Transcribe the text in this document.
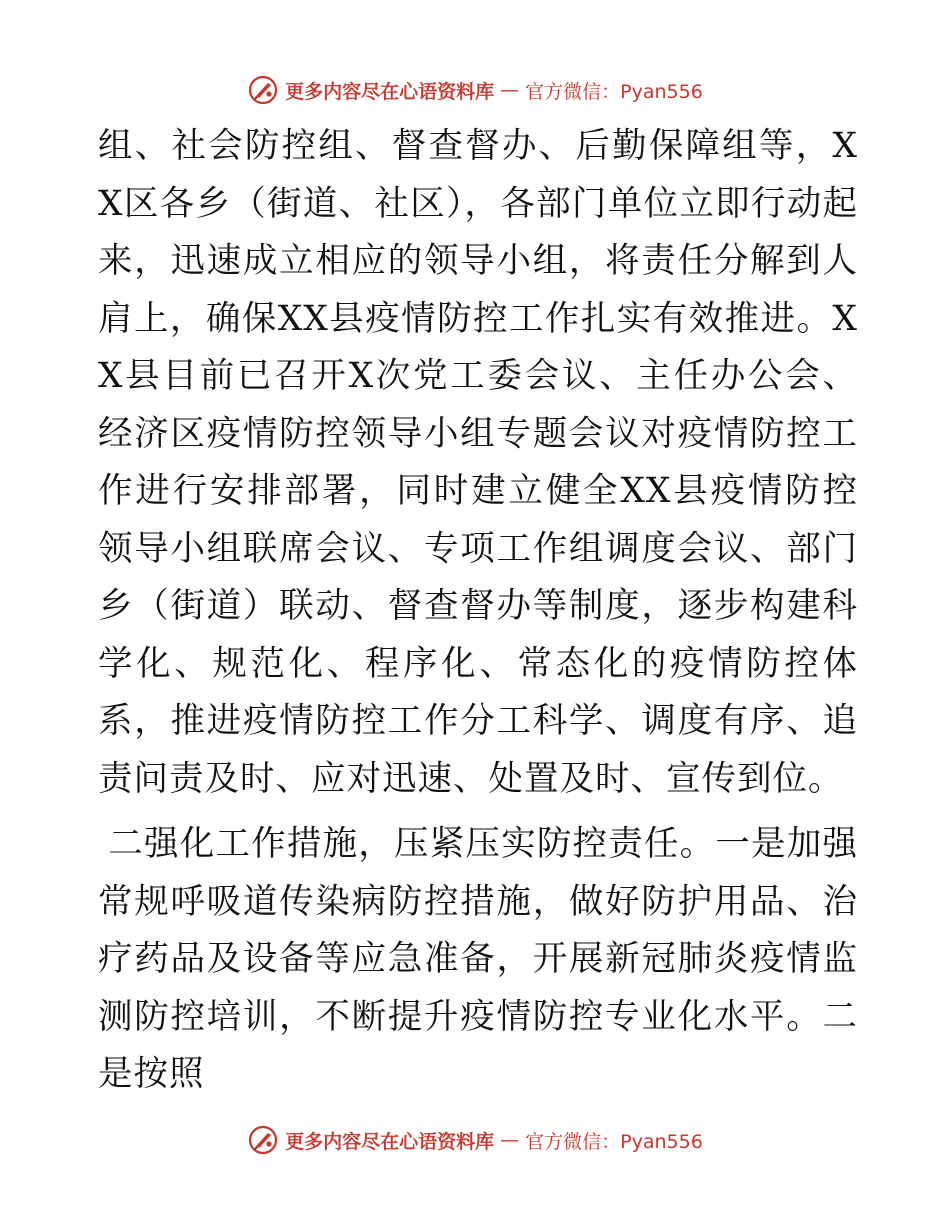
更多内容尽在心语资料库 — 官方微信：Pyan556

组、社会防控组、督查督办、后勤保障组等，XX区各乡（街道、社区），各部门单位立即行动起来，迅速成立相应的领导小组，将责任分解到人肩上，确保XX县疫情防控工作扎实有效推进。XX县目前已召开X次党工委会议、主任办公会、经济区疫情防控领导小组专题会议对疫情防控工作进行安排部署，同时建立健全XX县疫情防控领导小组联席会议、专项工作组调度会议、部门乡（街道）联动、督查督办等制度，逐步构建科学化、规范化、程序化、常态化的疫情防控体系，推进疫情防控工作分工科学、调度有序、追责问责及时、应对迅速、处置及时、宣传到位。

二强化工作措施，压紧压实防控责任。一是加强常规呼吸道传染病防控措施，做好防护用品、治疗药品及设备等应急准备，开展新冠肺炎疫情监测防控培训，不断提升疫情防控专业化水平。二是按照

更多内容尽在心语资料库 — 官方微信：Pyan556
